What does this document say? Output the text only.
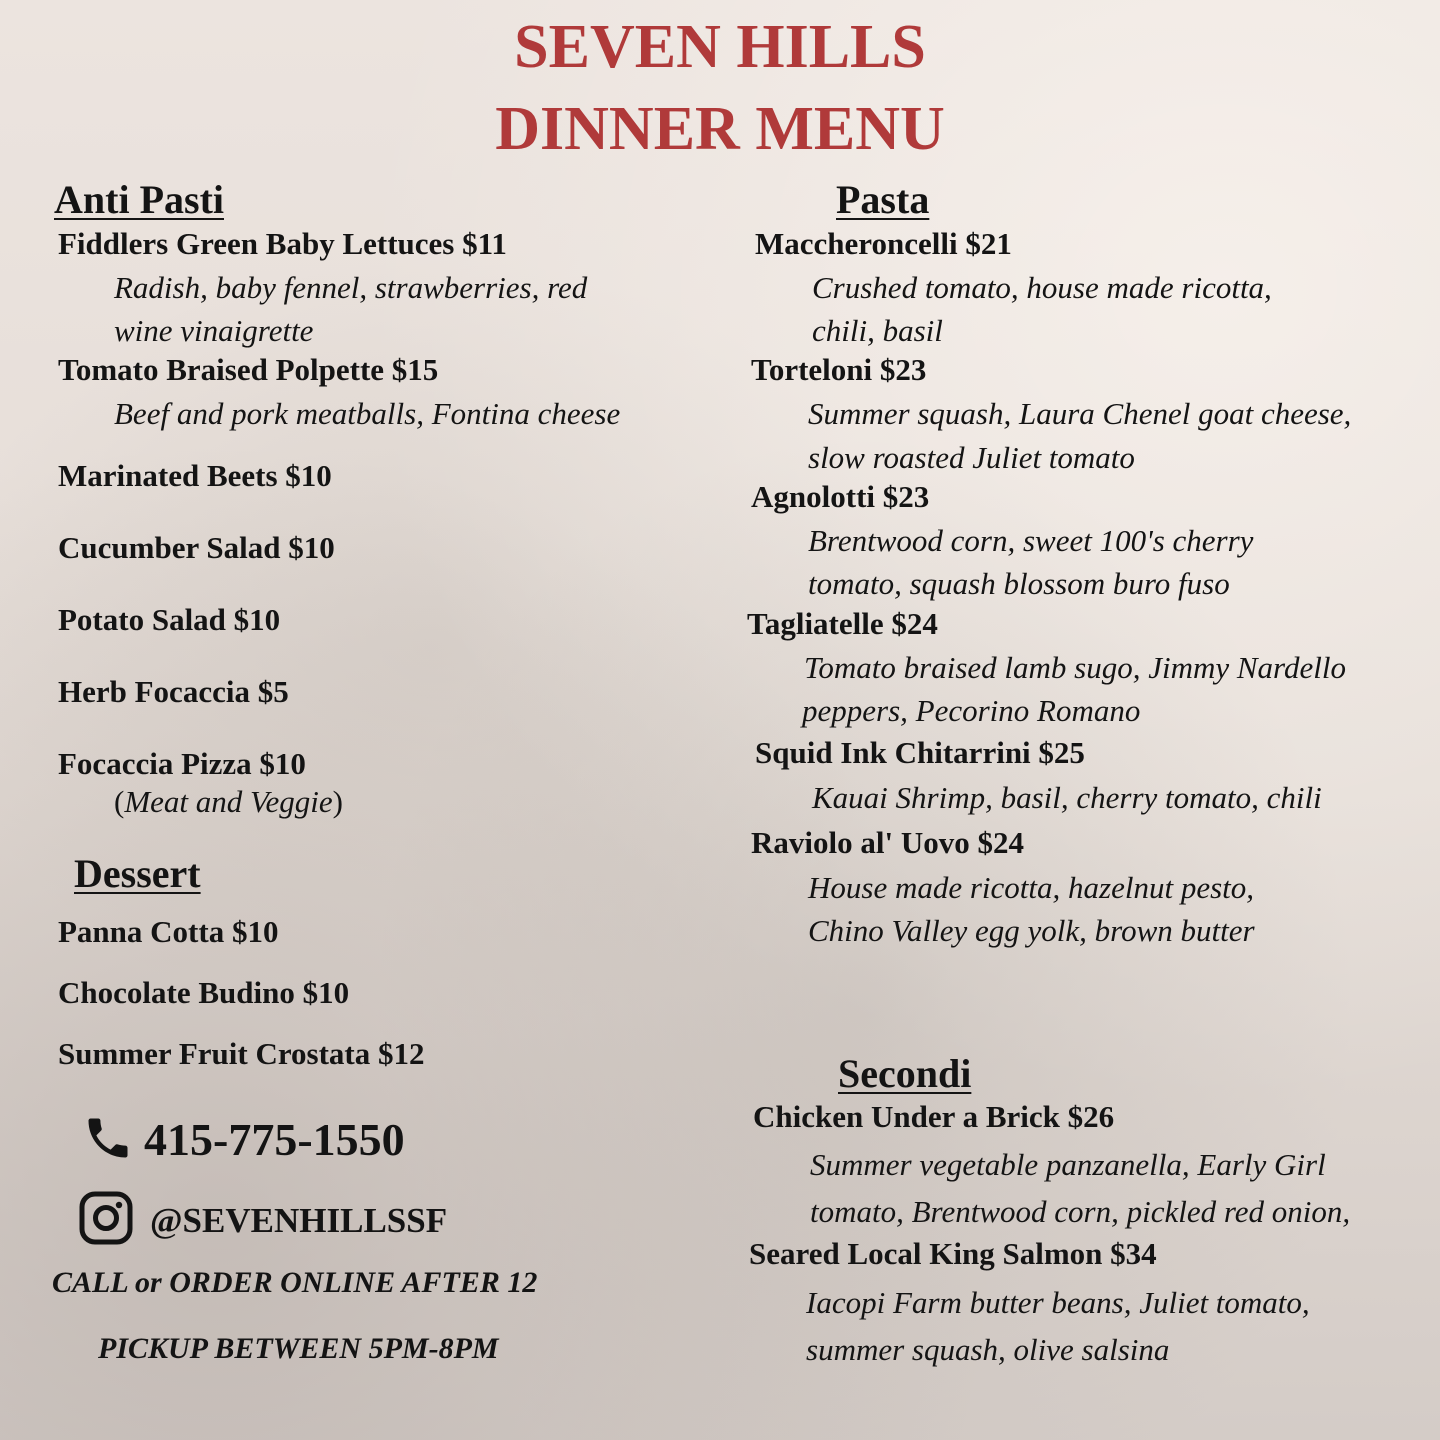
SEVEN HILLS
DINNER MENU
Anti Pasti
Fiddlers Green Baby Lettuces $11
Radish, baby fennel, strawberries, red
wine vinaigrette
Tomato Braised Polpette $15
Beef and pork meatballs, Fontina cheese
Marinated Beets $10
Cucumber Salad $10
Potato Salad $10
Herb Focaccia $5
Focaccia Pizza $10
(Meat and Veggie)
Dessert
Panna Cotta $10
Chocolate Budino $10
Summer Fruit Crostata $12
415-775-1550
@SEVENHILLSSF
CALL or ORDER ONLINE AFTER 12
PICKUP BETWEEN 5PM-8PM
Pasta
Maccheroncelli $21
Crushed tomato, house made ricotta,
chili, basil
Torteloni $23
Summer squash, Laura Chenel goat cheese,
slow roasted Juliet tomato
Agnolotti $23
Brentwood corn, sweet 100's cherry
tomato, squash blossom buro fuso
Tagliatelle $24
Tomato braised lamb sugo, Jimmy Nardello
peppers, Pecorino Romano
Squid Ink Chitarrini $25
Kauai Shrimp, basil, cherry tomato, chili
Raviolo al' Uovo $24
House made ricotta, hazelnut pesto,
Chino Valley egg yolk, brown butter
Secondi
Chicken Under a Brick $26
Summer vegetable panzanella, Early Girl
tomato, Brentwood corn, pickled red onion,
Seared Local King Salmon $34
Iacopi Farm butter beans, Juliet tomato,
summer squash, olive salsina
